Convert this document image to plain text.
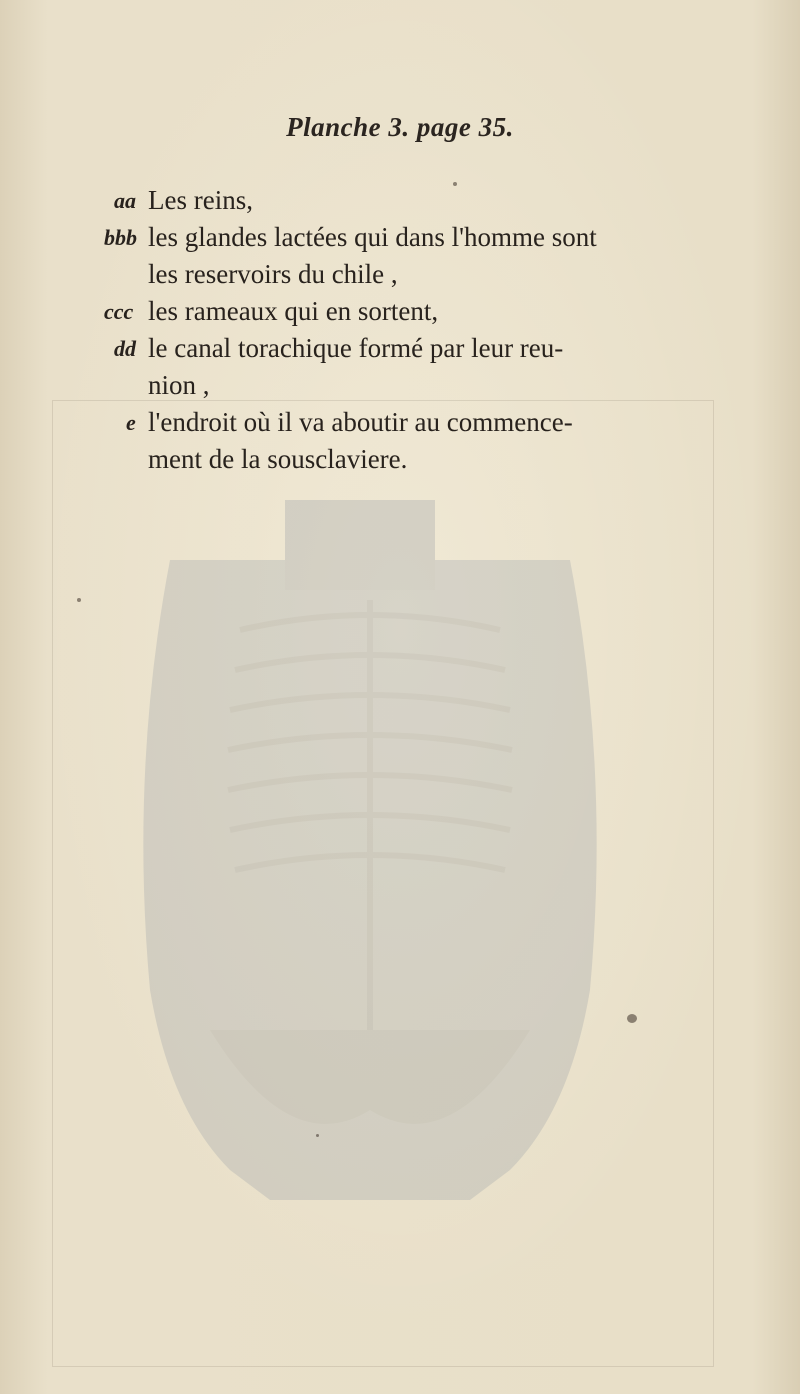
Planche 3. page 35.
aa Les reins,
bbb les glandes lactées qui dans l'homme sont
les reservoirs du chile ,
ccc les rameaux qui en sortent,
dd le canal torachique formé par leur reu-
nion ,
e l'endroit où il va aboutir au commence-
ment de la sousclaviere.
